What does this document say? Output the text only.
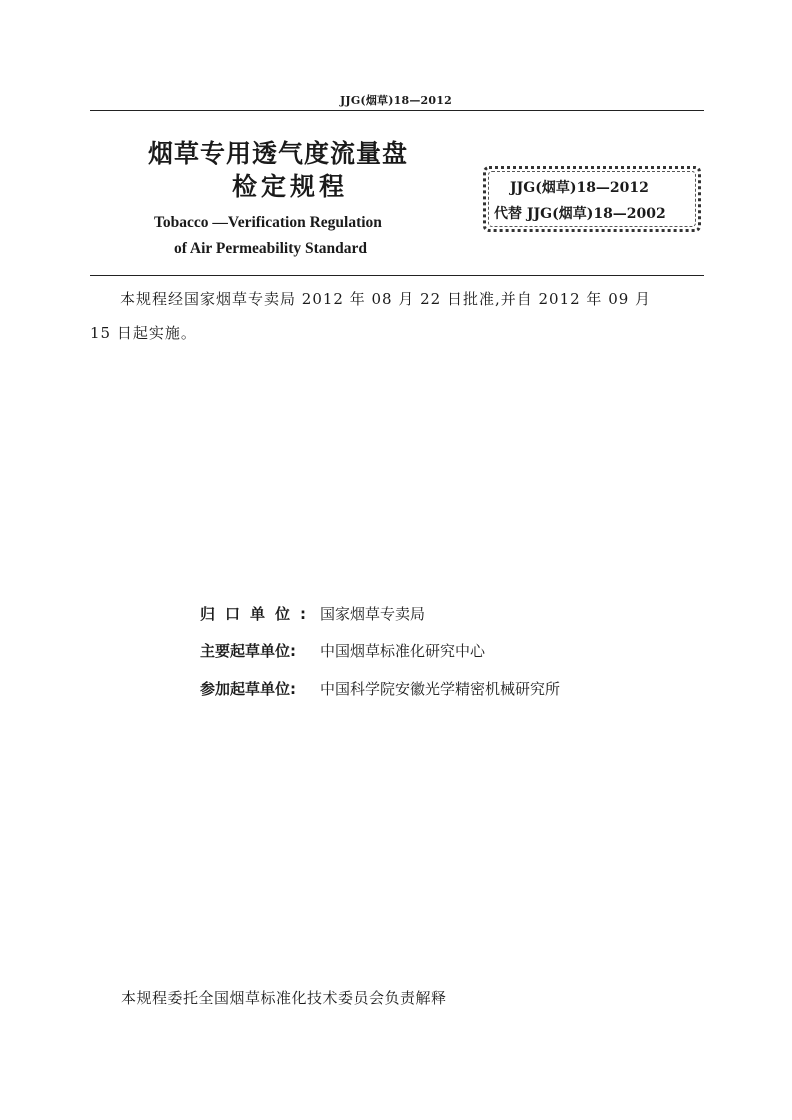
JJG(烟草)18—2012
烟草专用透气度流量盘
检定规程
Tobacco —Verification Regulation
of Air Permeability Standard
JJG(烟草)18—2012
代替 JJG(烟草)18—2002
本规程经国家烟草专卖局 2012 年 08 月 22 日批准,并自 2012 年 09 月
15 日起实施。
归口单位: 国家烟草专卖局
主要起草单位: 中国烟草标准化研究中心
参加起草单位: 中国科学院安徽光学精密机械研究所
本规程委托全国烟草标准化技术委员会负责解释
